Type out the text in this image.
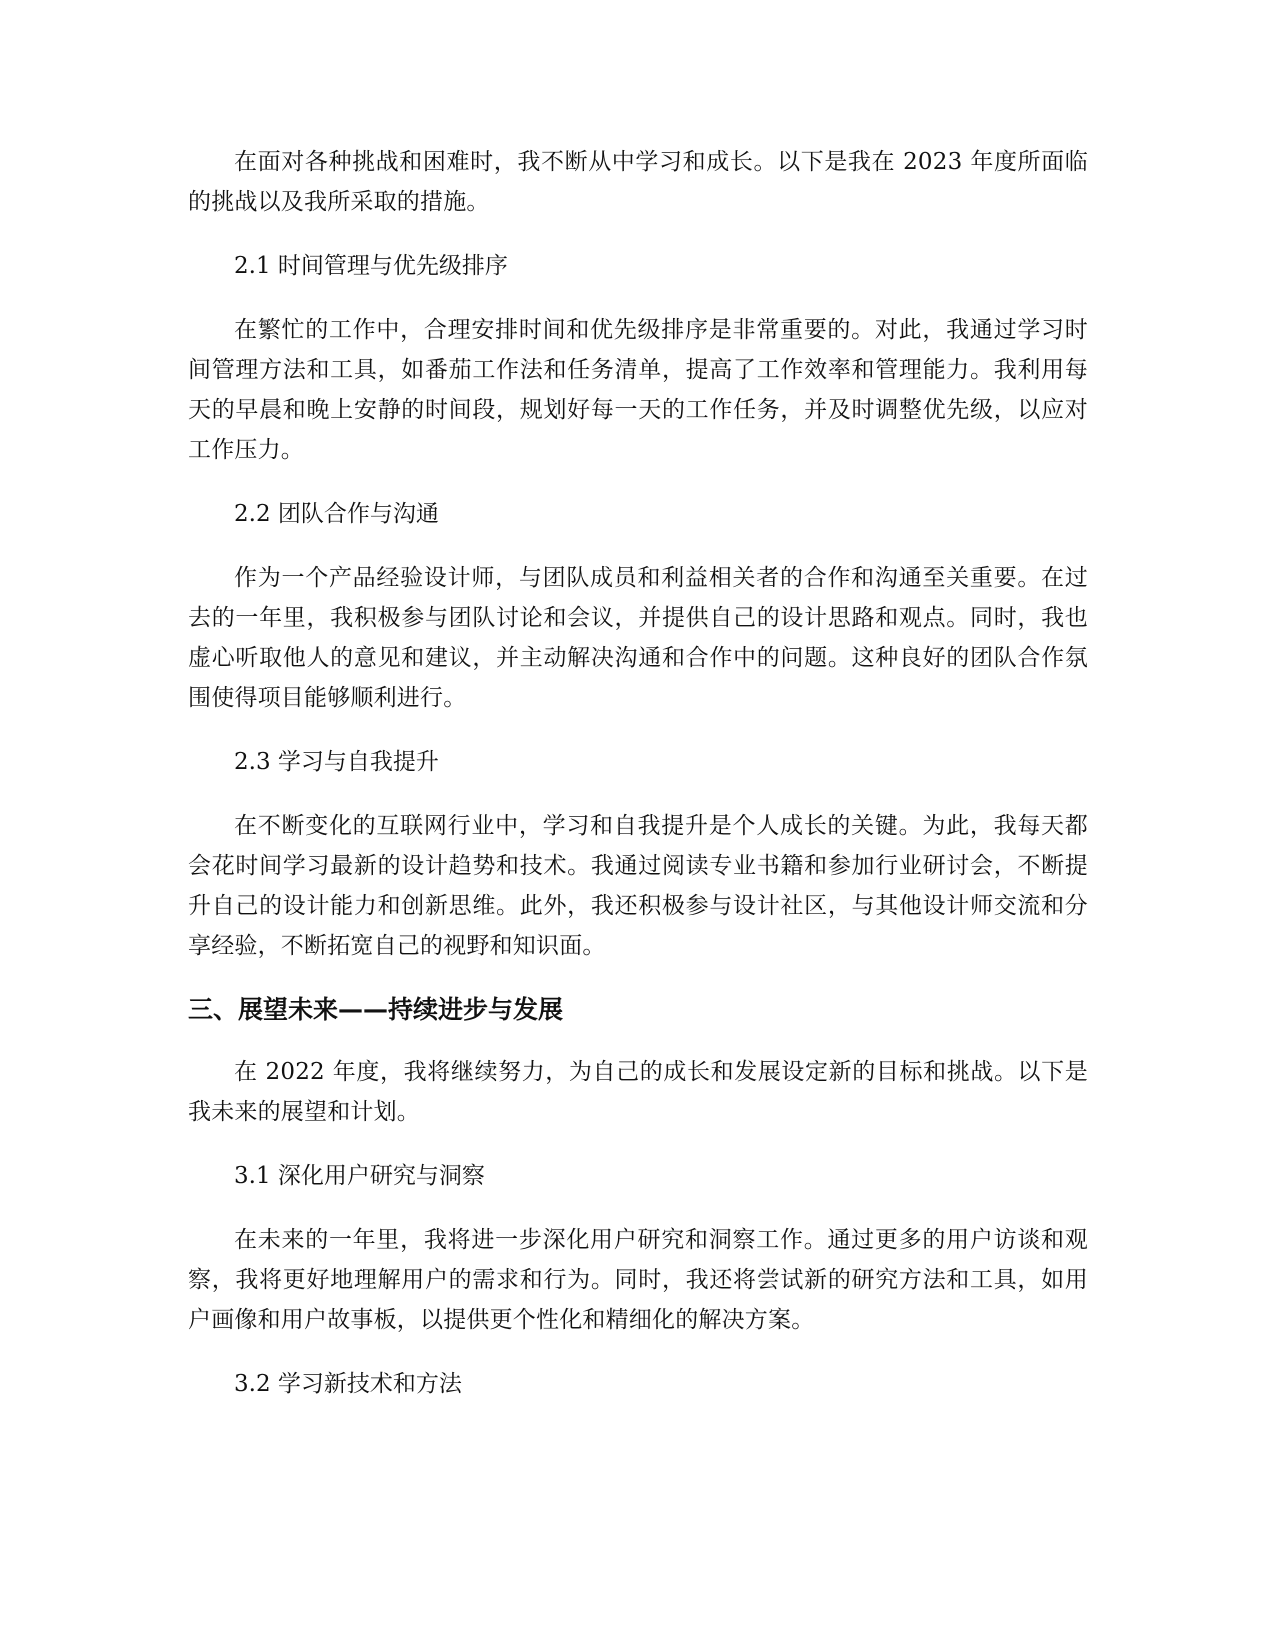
在面对各种挑战和困难时，我不断从中学习和成长。以下是我在 2023 年度所面临的挑战以及我所采取的措施。

2.1 时间管理与优先级排序

在繁忙的工作中，合理安排时间和优先级排序是非常重要的。对此，我通过学习时间管理方法和工具，如番茄工作法和任务清单，提高了工作效率和管理能力。我利用每天的早晨和晚上安静的时间段，规划好每一天的工作任务，并及时调整优先级，以应对工作压力。

2.2 团队合作与沟通

作为一个产品经验设计师，与团队成员和利益相关者的合作和沟通至关重要。在过去的一年里，我积极参与团队讨论和会议，并提供自己的设计思路和观点。同时，我也虚心听取他人的意见和建议，并主动解决沟通和合作中的问题。这种良好的团队合作氛围使得项目能够顺利进行。

2.3 学习与自我提升

在不断变化的互联网行业中，学习和自我提升是个人成长的关键。为此，我每天都会花时间学习最新的设计趋势和技术。我通过阅读专业书籍和参加行业研讨会，不断提升自己的设计能力和创新思维。此外，我还积极参与设计社区，与其他设计师交流和分享经验，不断拓宽自己的视野和知识面。

三、展望未来——持续进步与发展

在 2022 年度，我将继续努力，为自己的成长和发展设定新的目标和挑战。以下是我未来的展望和计划。

3.1 深化用户研究与洞察

在未来的一年里，我将进一步深化用户研究和洞察工作。通过更多的用户访谈和观察，我将更好地理解用户的需求和行为。同时，我还将尝试新的研究方法和工具，如用户画像和用户故事板，以提供更个性化和精细化的解决方案。

3.2 学习新技术和方法
